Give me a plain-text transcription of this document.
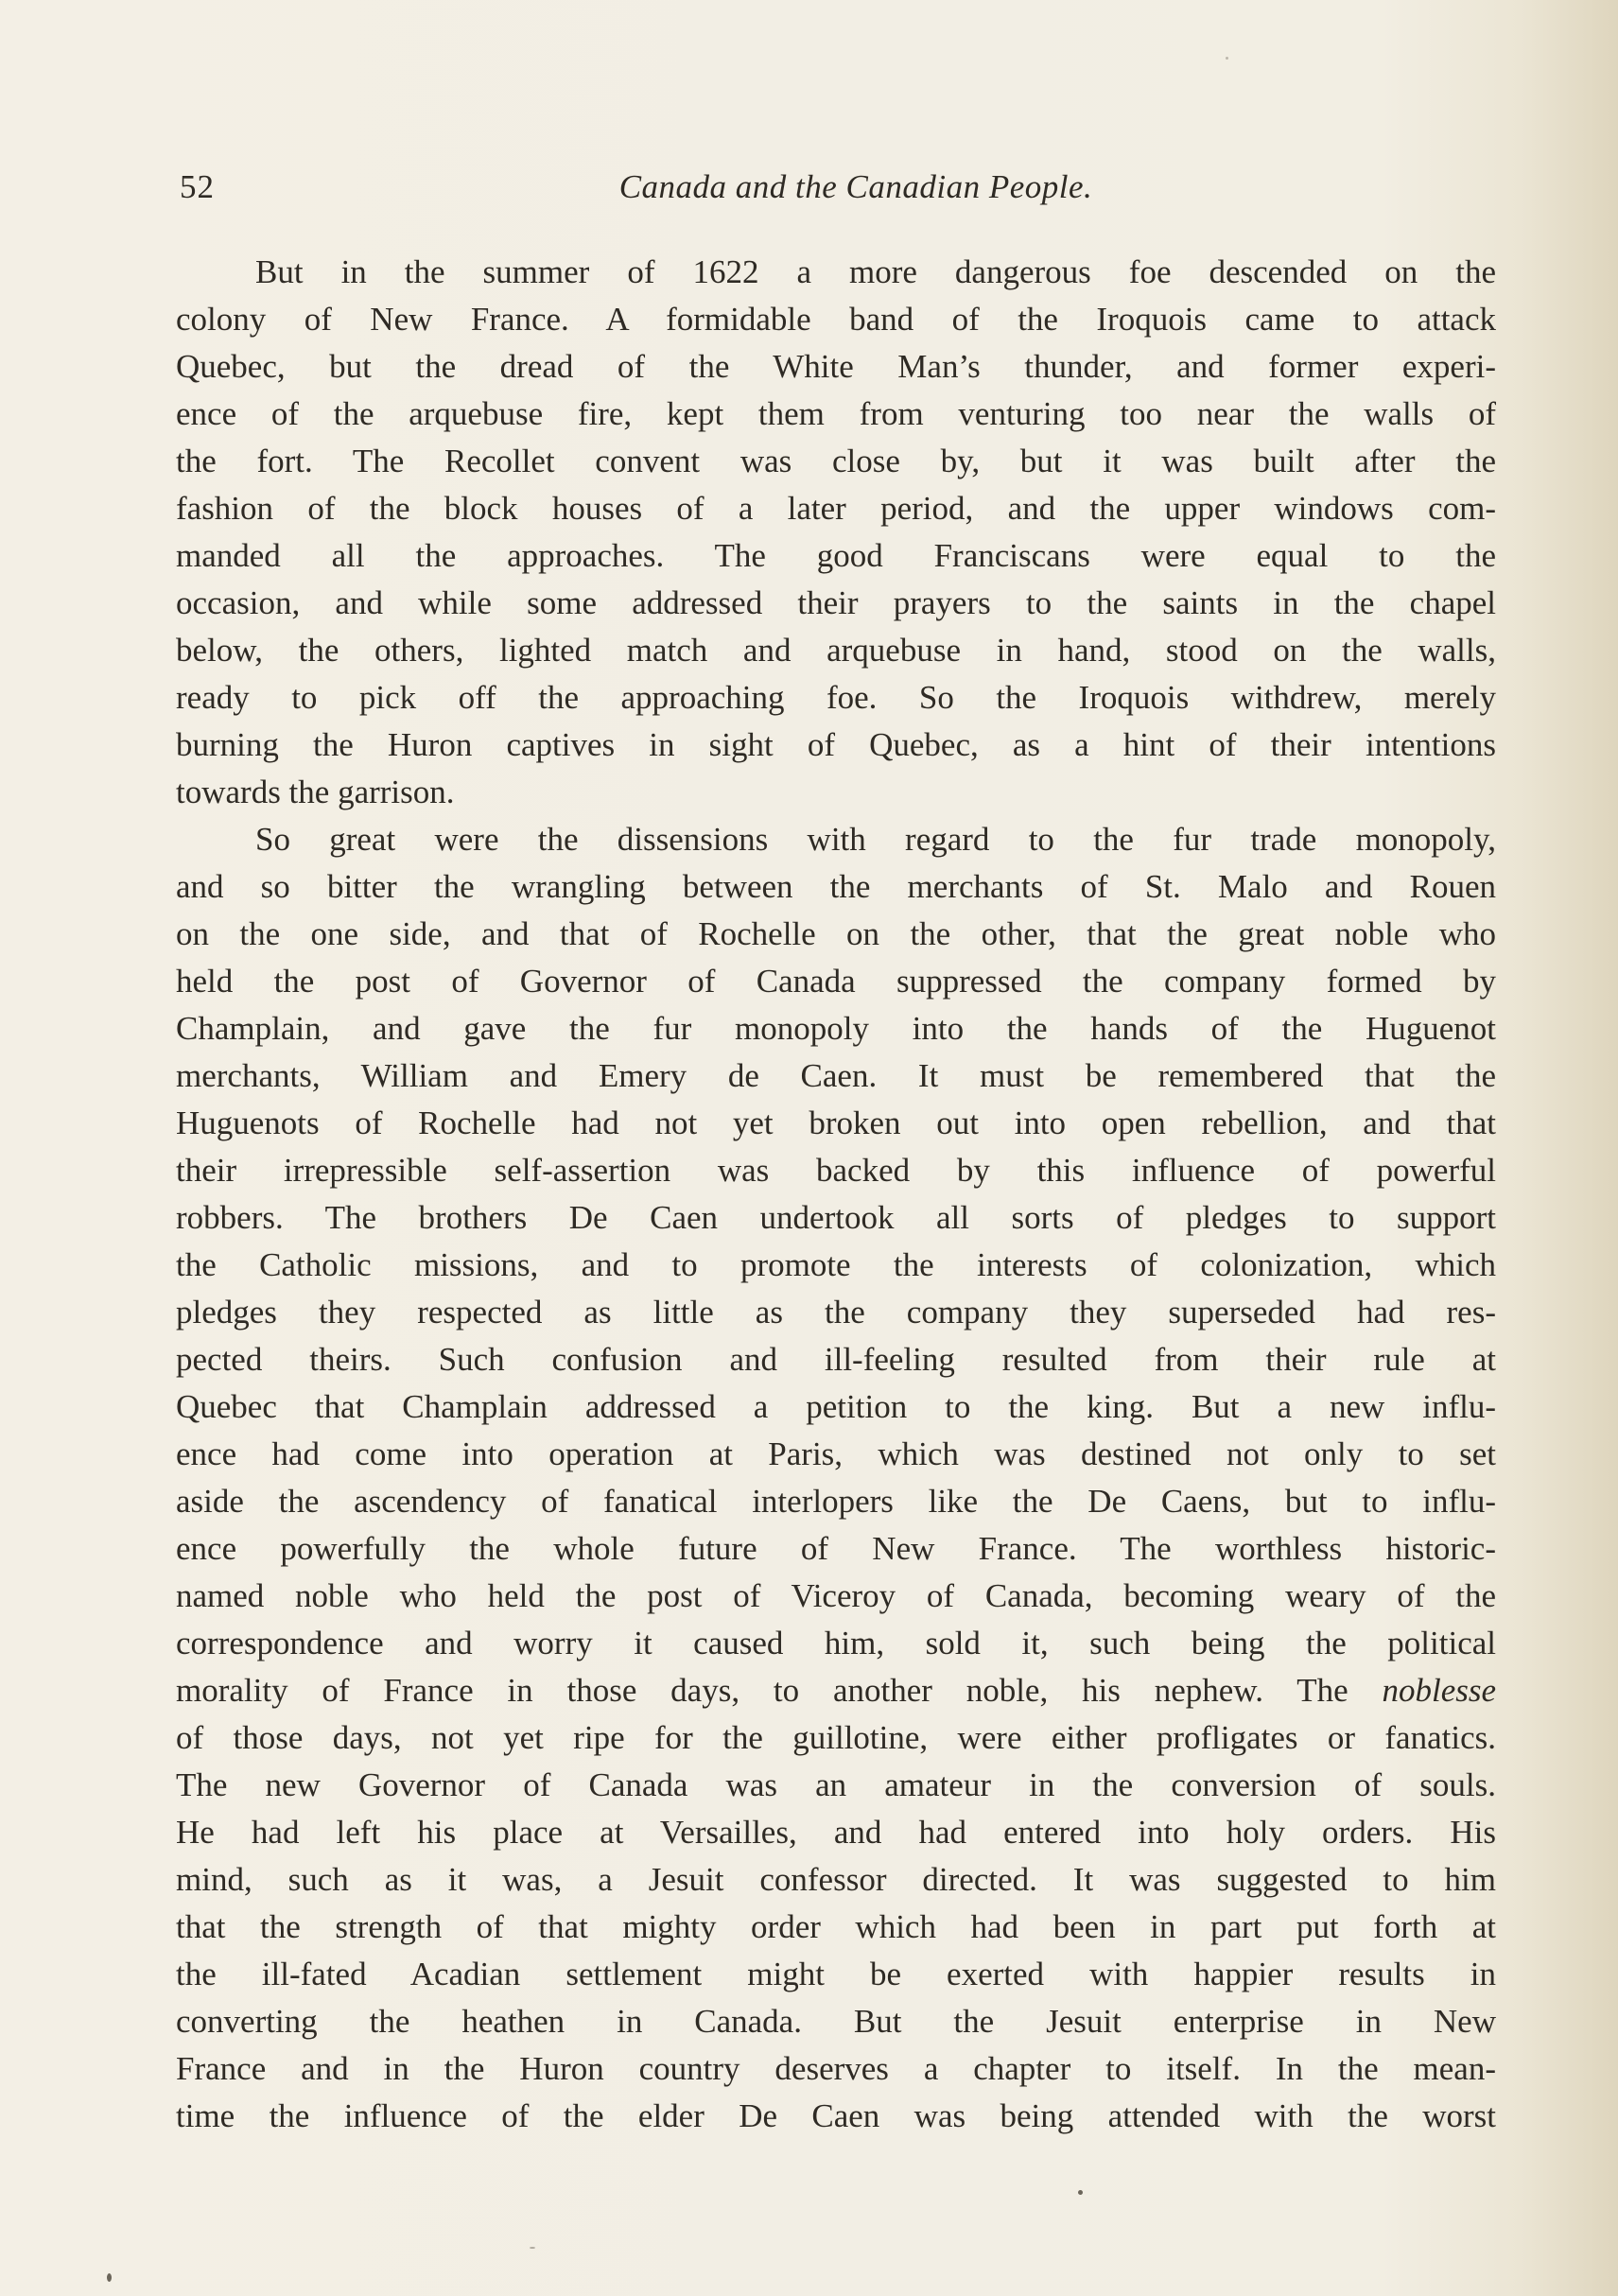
52	Canada and the Canadian People.
But in the summer of 1622 a more dangerous foe descended on the
colony of New France. A formidable band of the Iroquois came to attack
Quebec, but the dread of the White Man’s thunder, and former experi-
ence of the arquebuse fire, kept them from venturing too near the walls of
the fort. The Recollet convent was close by, but it was built after the
fashion of the block houses of a later period, and the upper windows com-
manded all the approaches. The good Franciscans were equal to the
occasion, and while some addressed their prayers to the saints in the chapel
below, the others, lighted match and arquebuse in hand, stood on the walls,
ready to pick off the approaching foe. So the Iroquois withdrew, merely
burning the Huron captives in sight of Quebec, as a hint of their intentions
towards the garrison.
So great were the dissensions with regard to the fur trade monopoly,
and so bitter the wrangling between the merchants of St. Malo and Rouen
on the one side, and that of Rochelle on the other, that the great noble who
held the post of Governor of Canada suppressed the company formed by
Champlain, and gave the fur monopoly into the hands of the Huguenot
merchants, William and Emery de Caen. It must be remembered that the
Huguenots of Rochelle had not yet broken out into open rebellion, and that
their irrepressible self-assertion was backed by this influence of powerful
robbers. The brothers De Caen undertook all sorts of pledges to support
the Catholic missions, and to promote the interests of colonization, which
pledges they respected as little as the company they superseded had res-
pected theirs. Such confusion and ill-feeling resulted from their rule at
Quebec that Champlain addressed a petition to the king. But a new influ-
ence had come into operation at Paris, which was destined not only to set
aside the ascendency of fanatical interlopers like the De Caens, but to influ-
ence powerfully the whole future of New France. The worthless historic-
named noble who held the post of Viceroy of Canada, becoming weary of the
correspondence and worry it caused him, sold it, such being the political
morality of France in those days, to another noble, his nephew. The noblesse
of those days, not yet ripe for the guillotine, were either profligates or fanatics.
The new Governor of Canada was an amateur in the conversion of souls.
He had left his place at Versailles, and had entered into holy orders. His
mind, such as it was, a Jesuit confessor directed. It was suggested to him
that the strength of that mighty order which had been in part put forth at
the ill-fated Acadian settlement might be exerted with happier results in
converting the heathen in Canada. But the Jesuit enterprise in New
France and in the Huron country deserves a chapter to itself. In the mean-
time the influence of the elder De Caen was being attended with the worst
